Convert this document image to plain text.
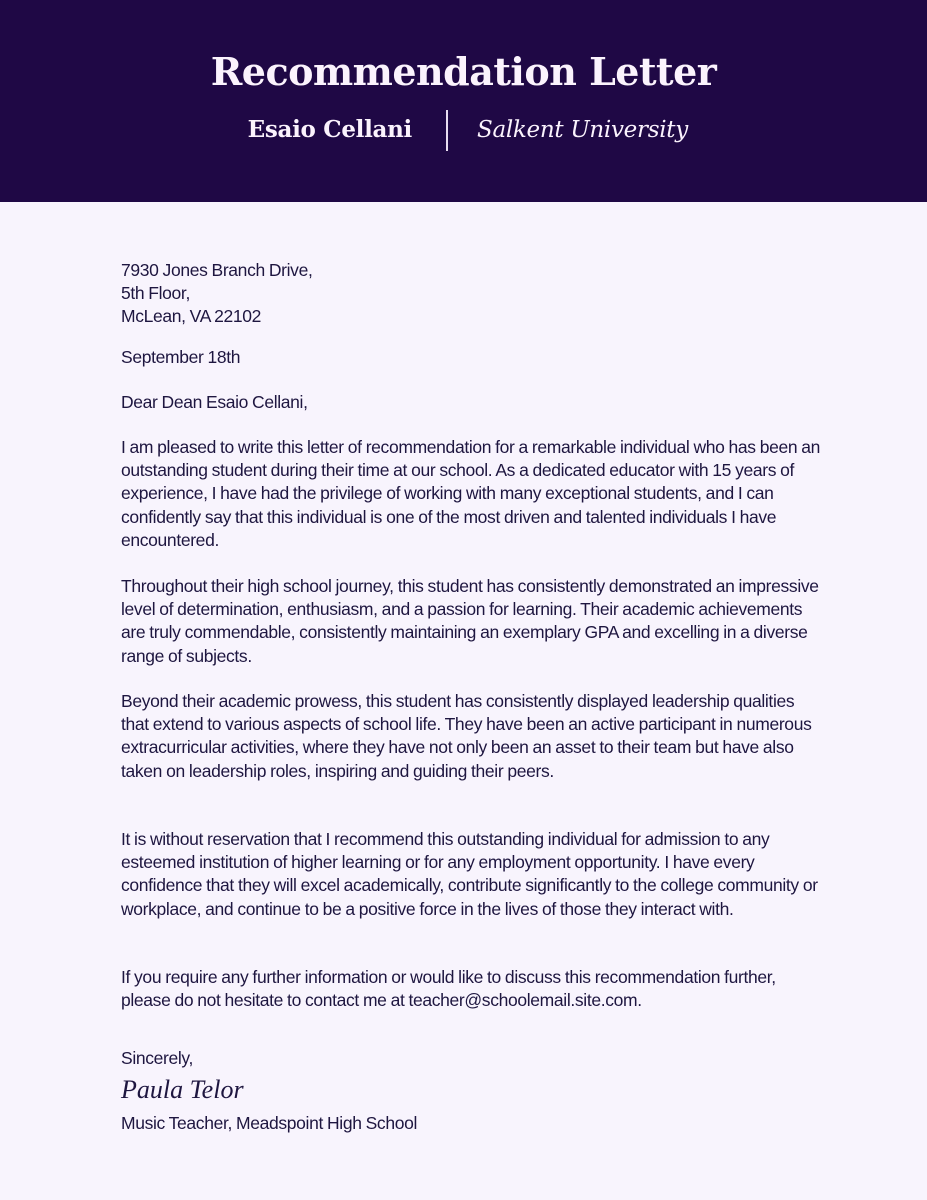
Recommendation Letter
Esaio Cellani	Salkent University
7930 Jones Branch Drive,
5th Floor,
McLean, VA 22102
September 18th
Dear Dean Esaio Cellani,

I am pleased to write this letter of recommendation for a remarkable individual who has been an outstanding student during their time at our school. As a dedicated educator with 15 years of experience, I have had the privilege of working with many exceptional students, and I can confidently say that this individual is one of the most driven and talented individuals I have encountered.

Throughout their high school journey, this student has consistently demonstrated an impressive level of determination, enthusiasm, and a passion for learning. Their academic achievements are truly commendable, consistently maintaining an exemplary GPA and excelling in a diverse range of subjects.

Beyond their academic prowess, this student has consistently displayed leadership qualities that extend to various aspects of school life. They have been an active participant in numerous extracurricular activities, where they have not only been an asset to their team but have also taken on leadership roles, inspiring and guiding their peers.

It is without reservation that I recommend this outstanding individual for admission to any esteemed institution of higher learning or for any employment opportunity. I have every confidence that they will excel academically, contribute significantly to the college community or workplace, and continue to be a positive force in the lives of those they interact with.

If you require any further information or would like to discuss this recommendation further, please do not hesitate to contact me at teacher@schoolemail.site.com.

Sincerely,
Paula Telor
Music Teacher, Meadspoint High School
